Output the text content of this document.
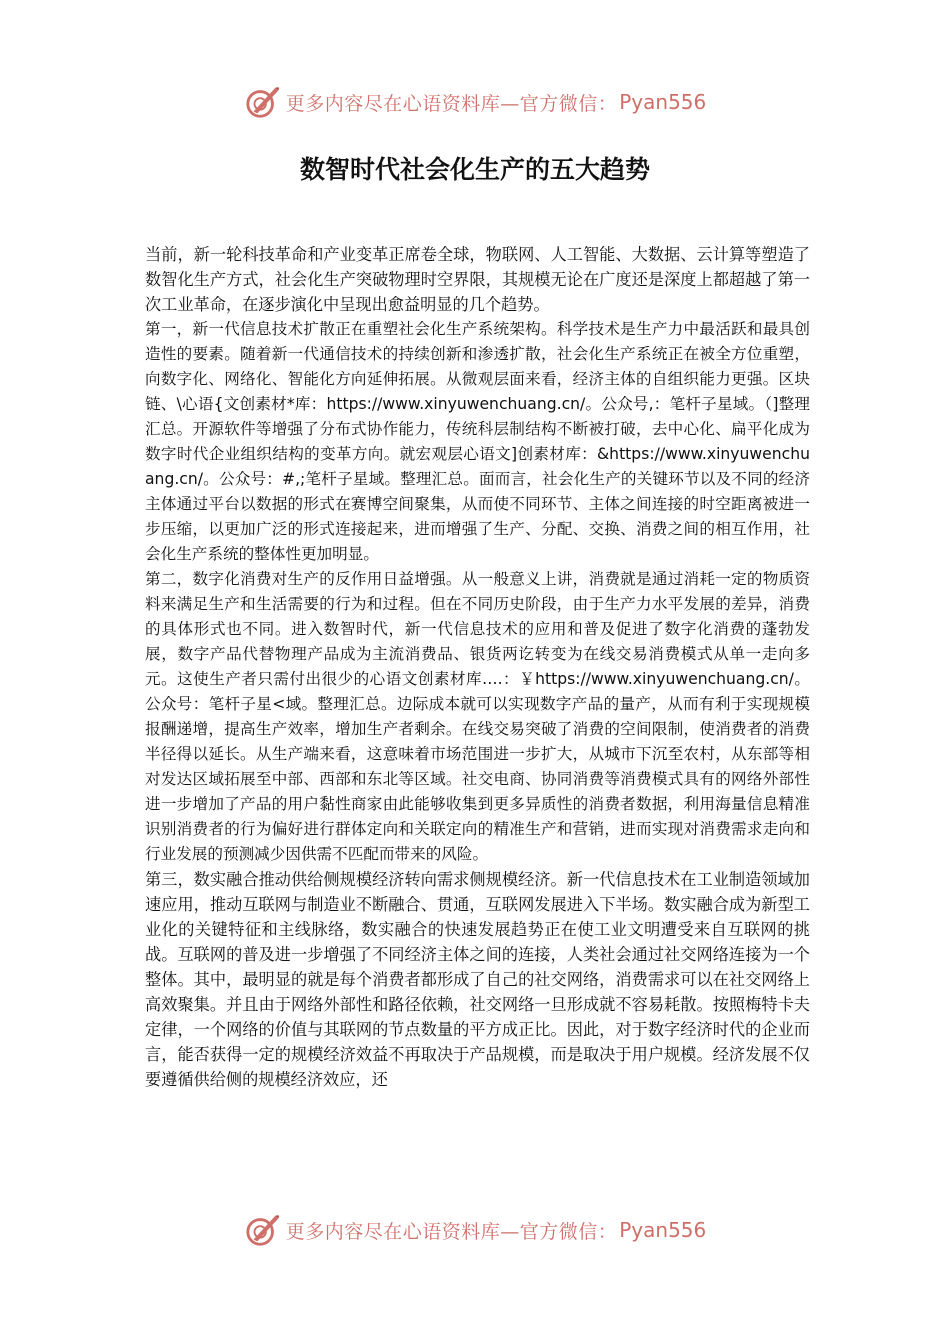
更多内容尽在心语资料库—官方微信： Pyan556
数智时代社会化生产的五大趋势

当前，新一轮科技革命和产业变革正席卷全球，物联网、人工智能、大数据、云计算等塑造了数智化生产方式，社会化生产突破物理时空界限，其规模无论在广度还是深度上都超越了第一次工业革命，在逐步演化中呈现出愈益明显的几个趋势。

第一，新一代信息技术扩散正在重塑社会化生产系统架构。科学技术是生产力中最活跃和最具创造性的要素。随着新一代通信技术的持续创新和渗透扩散，社会化生产系统正在被全方位重塑，向数字化、网络化、智能化方向延伸拓展。从微观层面来看，经济主体的自组织能力更强。区块链、\心语{文创素材*库：https://www.xinyuwenchuang.cn/。公众号,：笔杆子星域。（]整理汇总。开源软件等增强了分布式协作能力，传统科层制结构不断被打破，去中心化、扁平化成为数字时代企业组织结构的变革方向。就宏观层心语文]创素材库：&https://www.xinyuwenchuang.cn/。公众号：#,;笔杆子星域。整理汇总。面而言，社会化生产的关键环节以及不同的经济主体通过平台以数据的形式在赛博空间聚集，从而使不同环节、主体之间连接的时空距离被进一步压缩，以更加广泛的形式连接起来，进而增强了生产、分配、交换、消费之间的相互作用，社会化生产系统的整体性更加明显。

第二，数字化消费对生产的反作用日益增强。从一般意义上讲，消费就是通过消耗一定的物质资料来满足生产和生活需要的行为和过程。但在不同历史阶段，由于生产力水平发展的差异，消费的具体形式也不同。进入数智时代，新一代信息技术的应用和普及促进了数字化消费的蓬勃发展，数字产品代替物理产品成为主流消费品、银货两讫转变为在线交易消费模式从单一走向多元。这使生产者只需付出很少的心语文创素材库….：￥https://www.xinyuwenchuang.cn/。公众号：笔杆子星<域。整理汇总。边际成本就可以实现数字产品的量产，从而有利于实现规模报酬递增，提高生产效率，增加生产者剩余。在线交易突破了消费的空间限制，使消费者的消费半径得以延长。从生产端来看，这意味着市场范围进一步扩大，从城市下沉至农村，从东部等相对发达区域拓展至中部、西部和东北等区域。社交电商、协同消费等消费模式具有的网络外部性进一步增加了产品的用户黏性商家由此能够收集到更多异质性的消费者数据，利用海量信息精准识别消费者的行为偏好进行群体定向和关联定向的精准生产和营销，进而实现对消费需求走向和行业发展的预测减少因供需不匹配而带来的风险。

第三，数实融合推动供给侧规模经济转向需求侧规模经济。新一代信息技术在工业制造领域加速应用，推动互联网与制造业不断融合、贯通，互联网发展进入下半场。数实融合成为新型工业化的关键特征和主线脉络，数实融合的快速发展趋势正在使工业文明遭受来自互联网的挑战。互联网的普及进一步增强了不同经济主体之间的连接，人类社会通过社交网络连接为一个整体。其中，最明显的就是每个消费者都形成了自己的社交网络，消费需求可以在社交网络上高效聚集。并且由于网络外部性和路径依赖，社交网络一旦形成就不容易耗散。按照梅特卡夫定律，一个网络的价值与其联网的节点数量的平方成正比。因此，对于数字经济时代的企业而言，能否获得一定的规模经济效益不再取决于产品规模，而是取决于用户规模。经济发展不仅要遵循供给侧的规模经济效应，还

更多内容尽在心语资料库—官方微信： Pyan556
